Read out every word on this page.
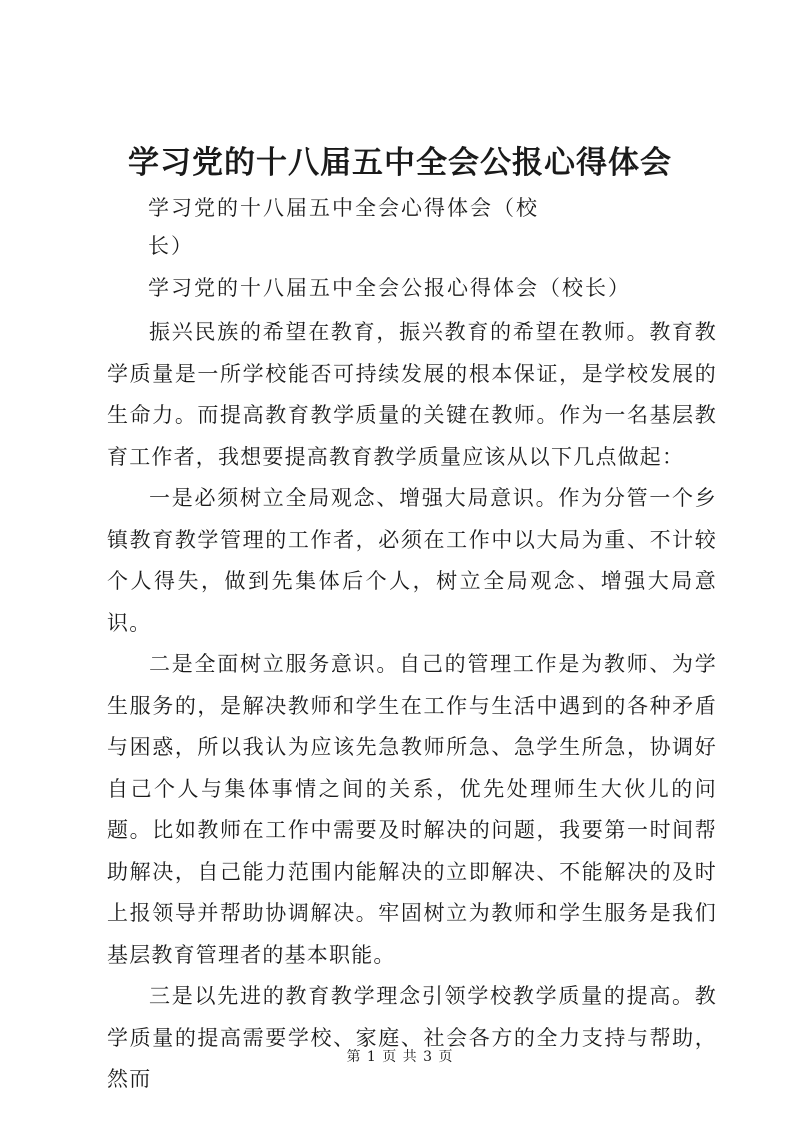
学习党的十八届五中全会公报心得体会

学习党的十八届五中全会心得体会（校

长）

学习党的十八届五中全会公报心得体会（校长）

振兴民族的希望在教育，振兴教育的希望在教师。教育教学质量是一所学校能否可持续发展的根本保证，是学校发展的生命力。而提高教育教学质量的关键在教师。作为一名基层教育工作者，我想要提高教育教学质量应该从以下几点做起：

一是必须树立全局观念、增强大局意识。作为分管一个乡镇教育教学管理的工作者，必须在工作中以大局为重、不计较个人得失，做到先集体后个人，树立全局观念、增强大局意识。

二是全面树立服务意识。自己的管理工作是为教师、为学生服务的，是解决教师和学生在工作与生活中遇到的各种矛盾与困惑，所以我认为应该先急教师所急、急学生所急，协调好自己个人与集体事情之间的关系，优先处理师生大伙儿的问题。比如教师在工作中需要及时解决的问题，我要第一时间帮助解决，自己能力范围内能解决的立即解决、不能解决的及时上报领导并帮助协调解决。牢固树立为教师和学生服务是我们基层教育管理者的基本职能。

三是以先进的教育教学理念引领学校教学质量的提高。教学质量的提高需要学校、家庭、社会各方的全力支持与帮助，然而

第 1 页 共 3 页
